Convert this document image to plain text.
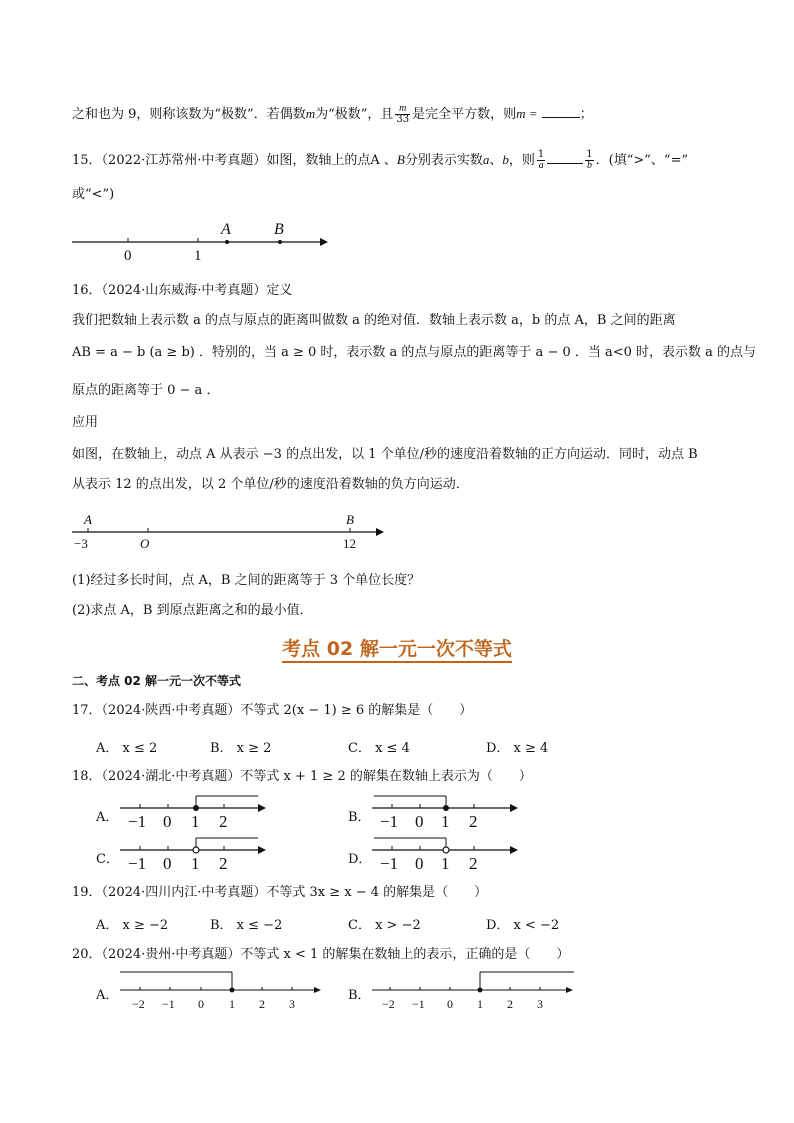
之和也为 9，则称该数为“极数”．若偶数m为“极数”，且 $\frac{m}{33}$ 是完全平方数，则m =	；
15．（2022·江苏常州·中考真题）如图，数轴上的点A 、B分别表示实数a、b，则 $\frac{1}{a}$	$\frac{1}{b}$ ．(填“>”、“=”
或“<”)
0	1
A	B
16．（2024·山东威海·中考真题）定义
我们把数轴上表示数 a 的点与原点的距离叫做数 a 的绝对值．数轴上表示数 a，b 的点 A，B 之间的距离
AB = a − b (a ≥ b) ．特别的，当 a ≥ 0 时，表示数 a 的点与原点的距离等于 a − 0 ．当 a<0 时，表示数 a 的点与
原点的距离等于 0 − a ．
应用
如图，在数轴上，动点 A 从表示 −3 的点出发，以 1 个单位/秒的速度沿着数轴的正方向运动．同时，动点 B
从表示 12 的点出发，以 2 个单位/秒的速度沿着数轴的负方向运动．
A
−3	O
B
12
(1)经过多长时间，点 A，B 之间的距离等于 3 个单位长度？
(2)求点 A，B 到原点距离之和的最小值．
考点 02 解一元一次不等式
二、考点 02 解一元一次不等式
17．（2024·陕西·中考真题）不等式 2(x − 1) ≥ 6 的解集是（　　）
A． x ≤ 2	B． x ≥ 2	C． x ≤ 4	D． x ≥ 4
18．（2024·湖北·中考真题）不等式 x + 1 ≥ 2 的解集在数轴上表示为（　　）
A． −1 0 1 2	B． −1 0 1 2
C． −1 0 1 2	D． −1 0 1 2
19．（2024·四川内江·中考真题）不等式 3x ≥ x − 4 的解集是（　　）
A． x ≥ −2	B． x ≤ −2	C． x > −2	D． x < −2
20．（2024·贵州·中考真题）不等式 x < 1 的解集在数轴上的表示，正确的是（　　）
A．
−2 −1 0 1 2 3
B．
−2 −1 0 1 2 3
